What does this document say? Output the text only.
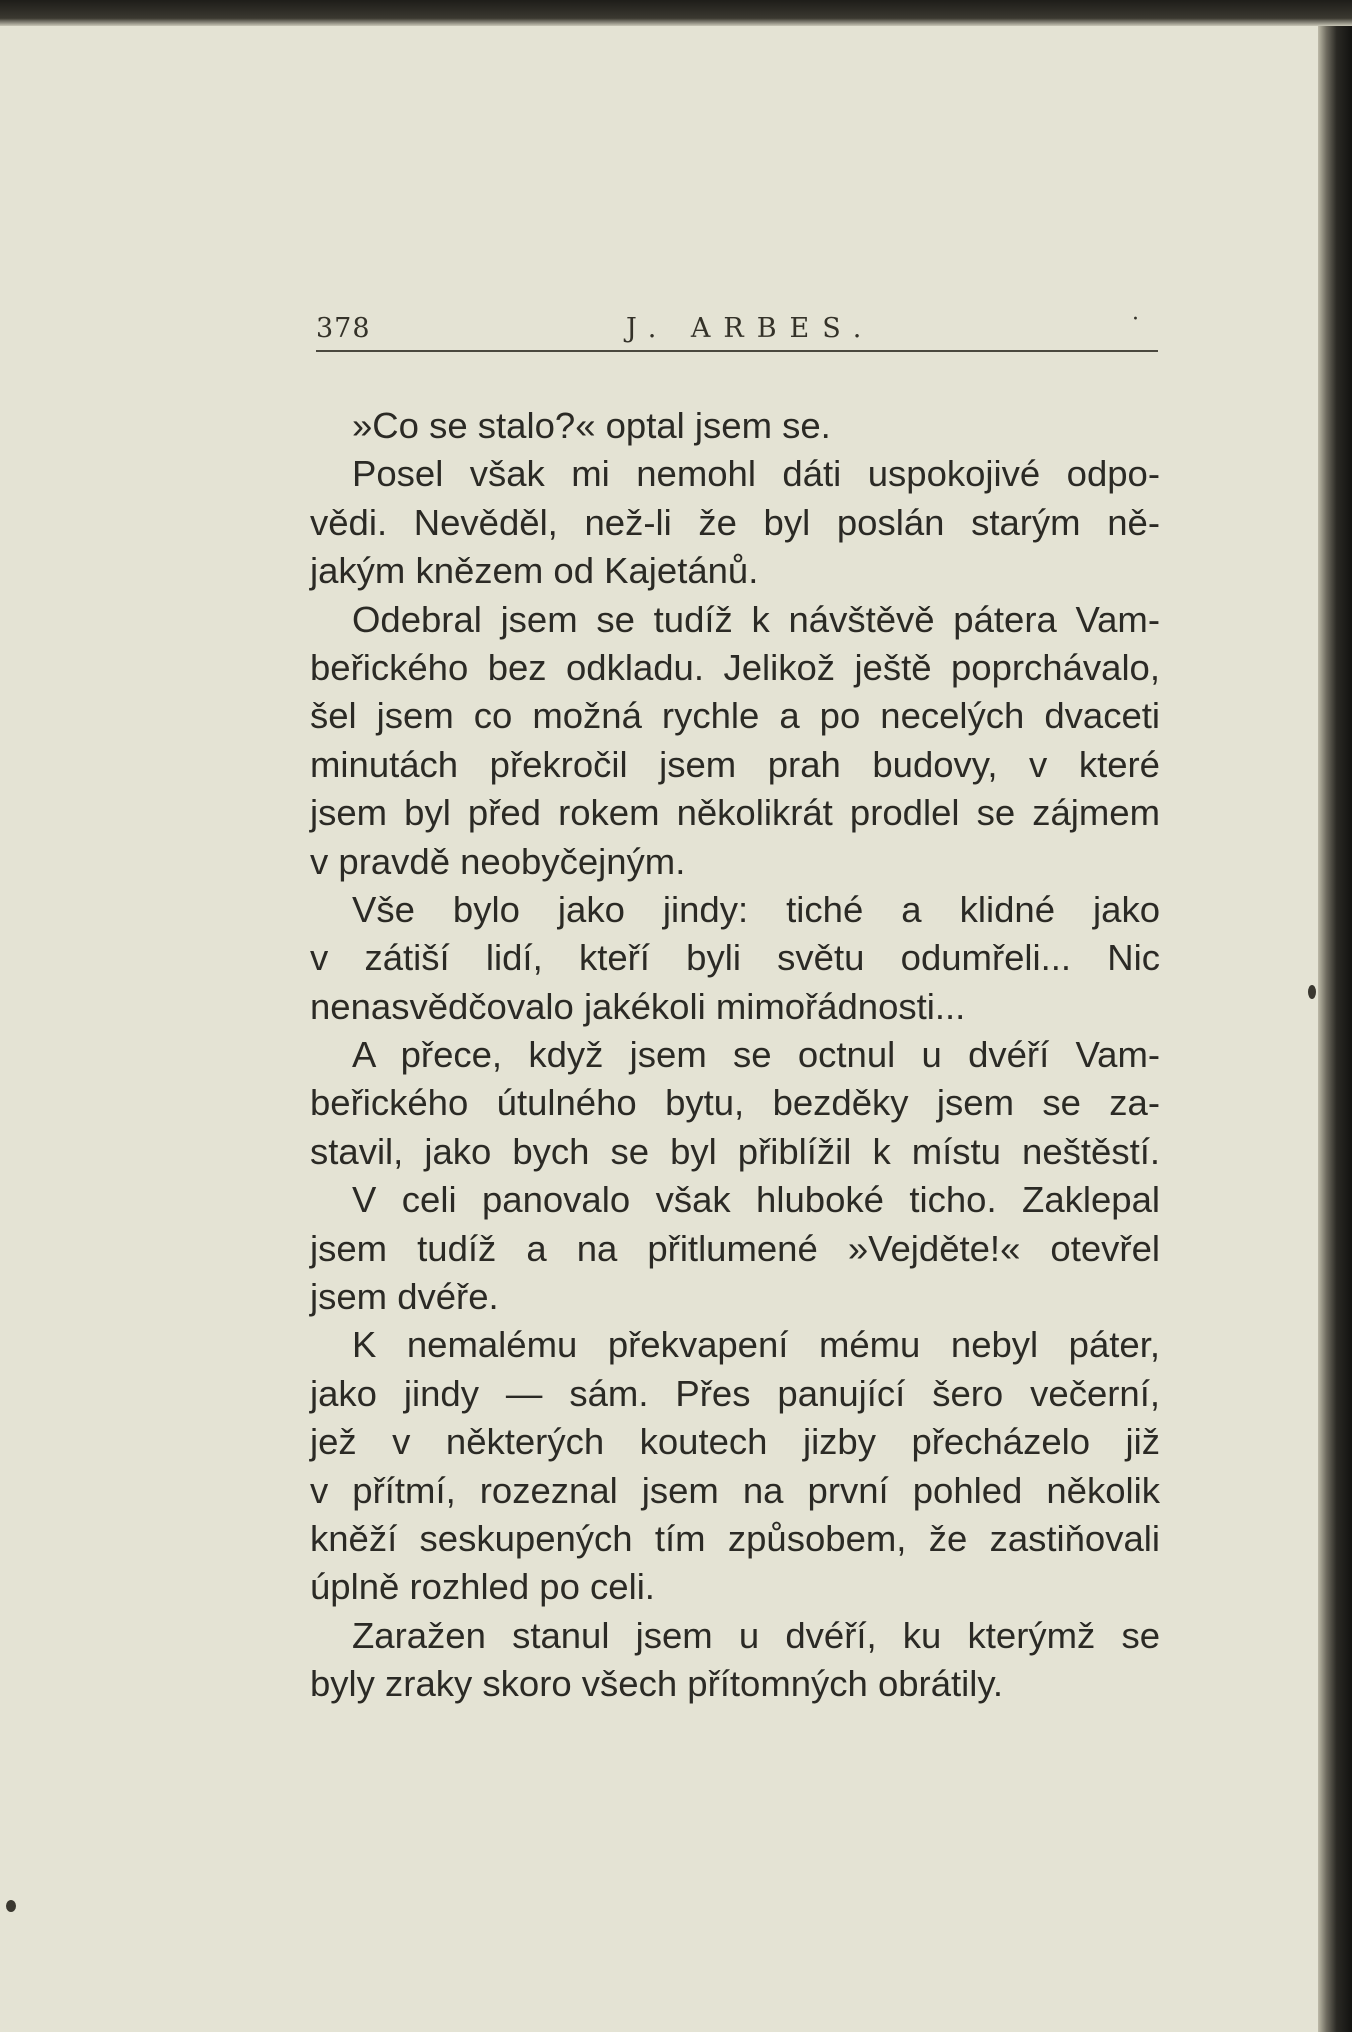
378	J. ARBES.	·
»Co se stalo?« optal jsem se.
Posel však mi nemohl dáti uspokojivé odpo-
vědi. Nevěděl, než-li že byl poslán starým ně-
jakým knězem od Kajetánů.
Odebral jsem se tudíž k návštěvě pátera Vam-
beřického bez odkladu. Jelikož ještě poprchávalo,
šel jsem co možná rychle a po necelých dvaceti
minutách překročil jsem prah budovy, v které
jsem byl před rokem několikrát prodlel se zájmem
v pravdě neobyčejným.
Vše bylo jako jindy: tiché a klidné jako
v zátiší lidí, kteří byli světu odumřeli... Nic
nenasvědčovalo jakékoli mimořádnosti...
A přece, když jsem se octnul u dvéří Vam-
beřického útulného bytu, bezděky jsem se za-
stavil, jako bych se byl přiblížil k místu neštěstí.
V celi panovalo však hluboké ticho. Zaklepal
jsem tudíž a na přitlumené »Vejděte!« otevřel
jsem dvéře.
K nemalému překvapení mému nebyl páter,
jako jindy — sám. Přes panující šero večerní,
jež v některých koutech jizby přecházelo již
v přítmí, rozeznal jsem na první pohled několik
kněží seskupených tím způsobem, že zastiňovali
úplně rozhled po celi.
Zaražen stanul jsem u dvéří, ku kterýmž se
byly zraky skoro všech přítomných obrátily.
